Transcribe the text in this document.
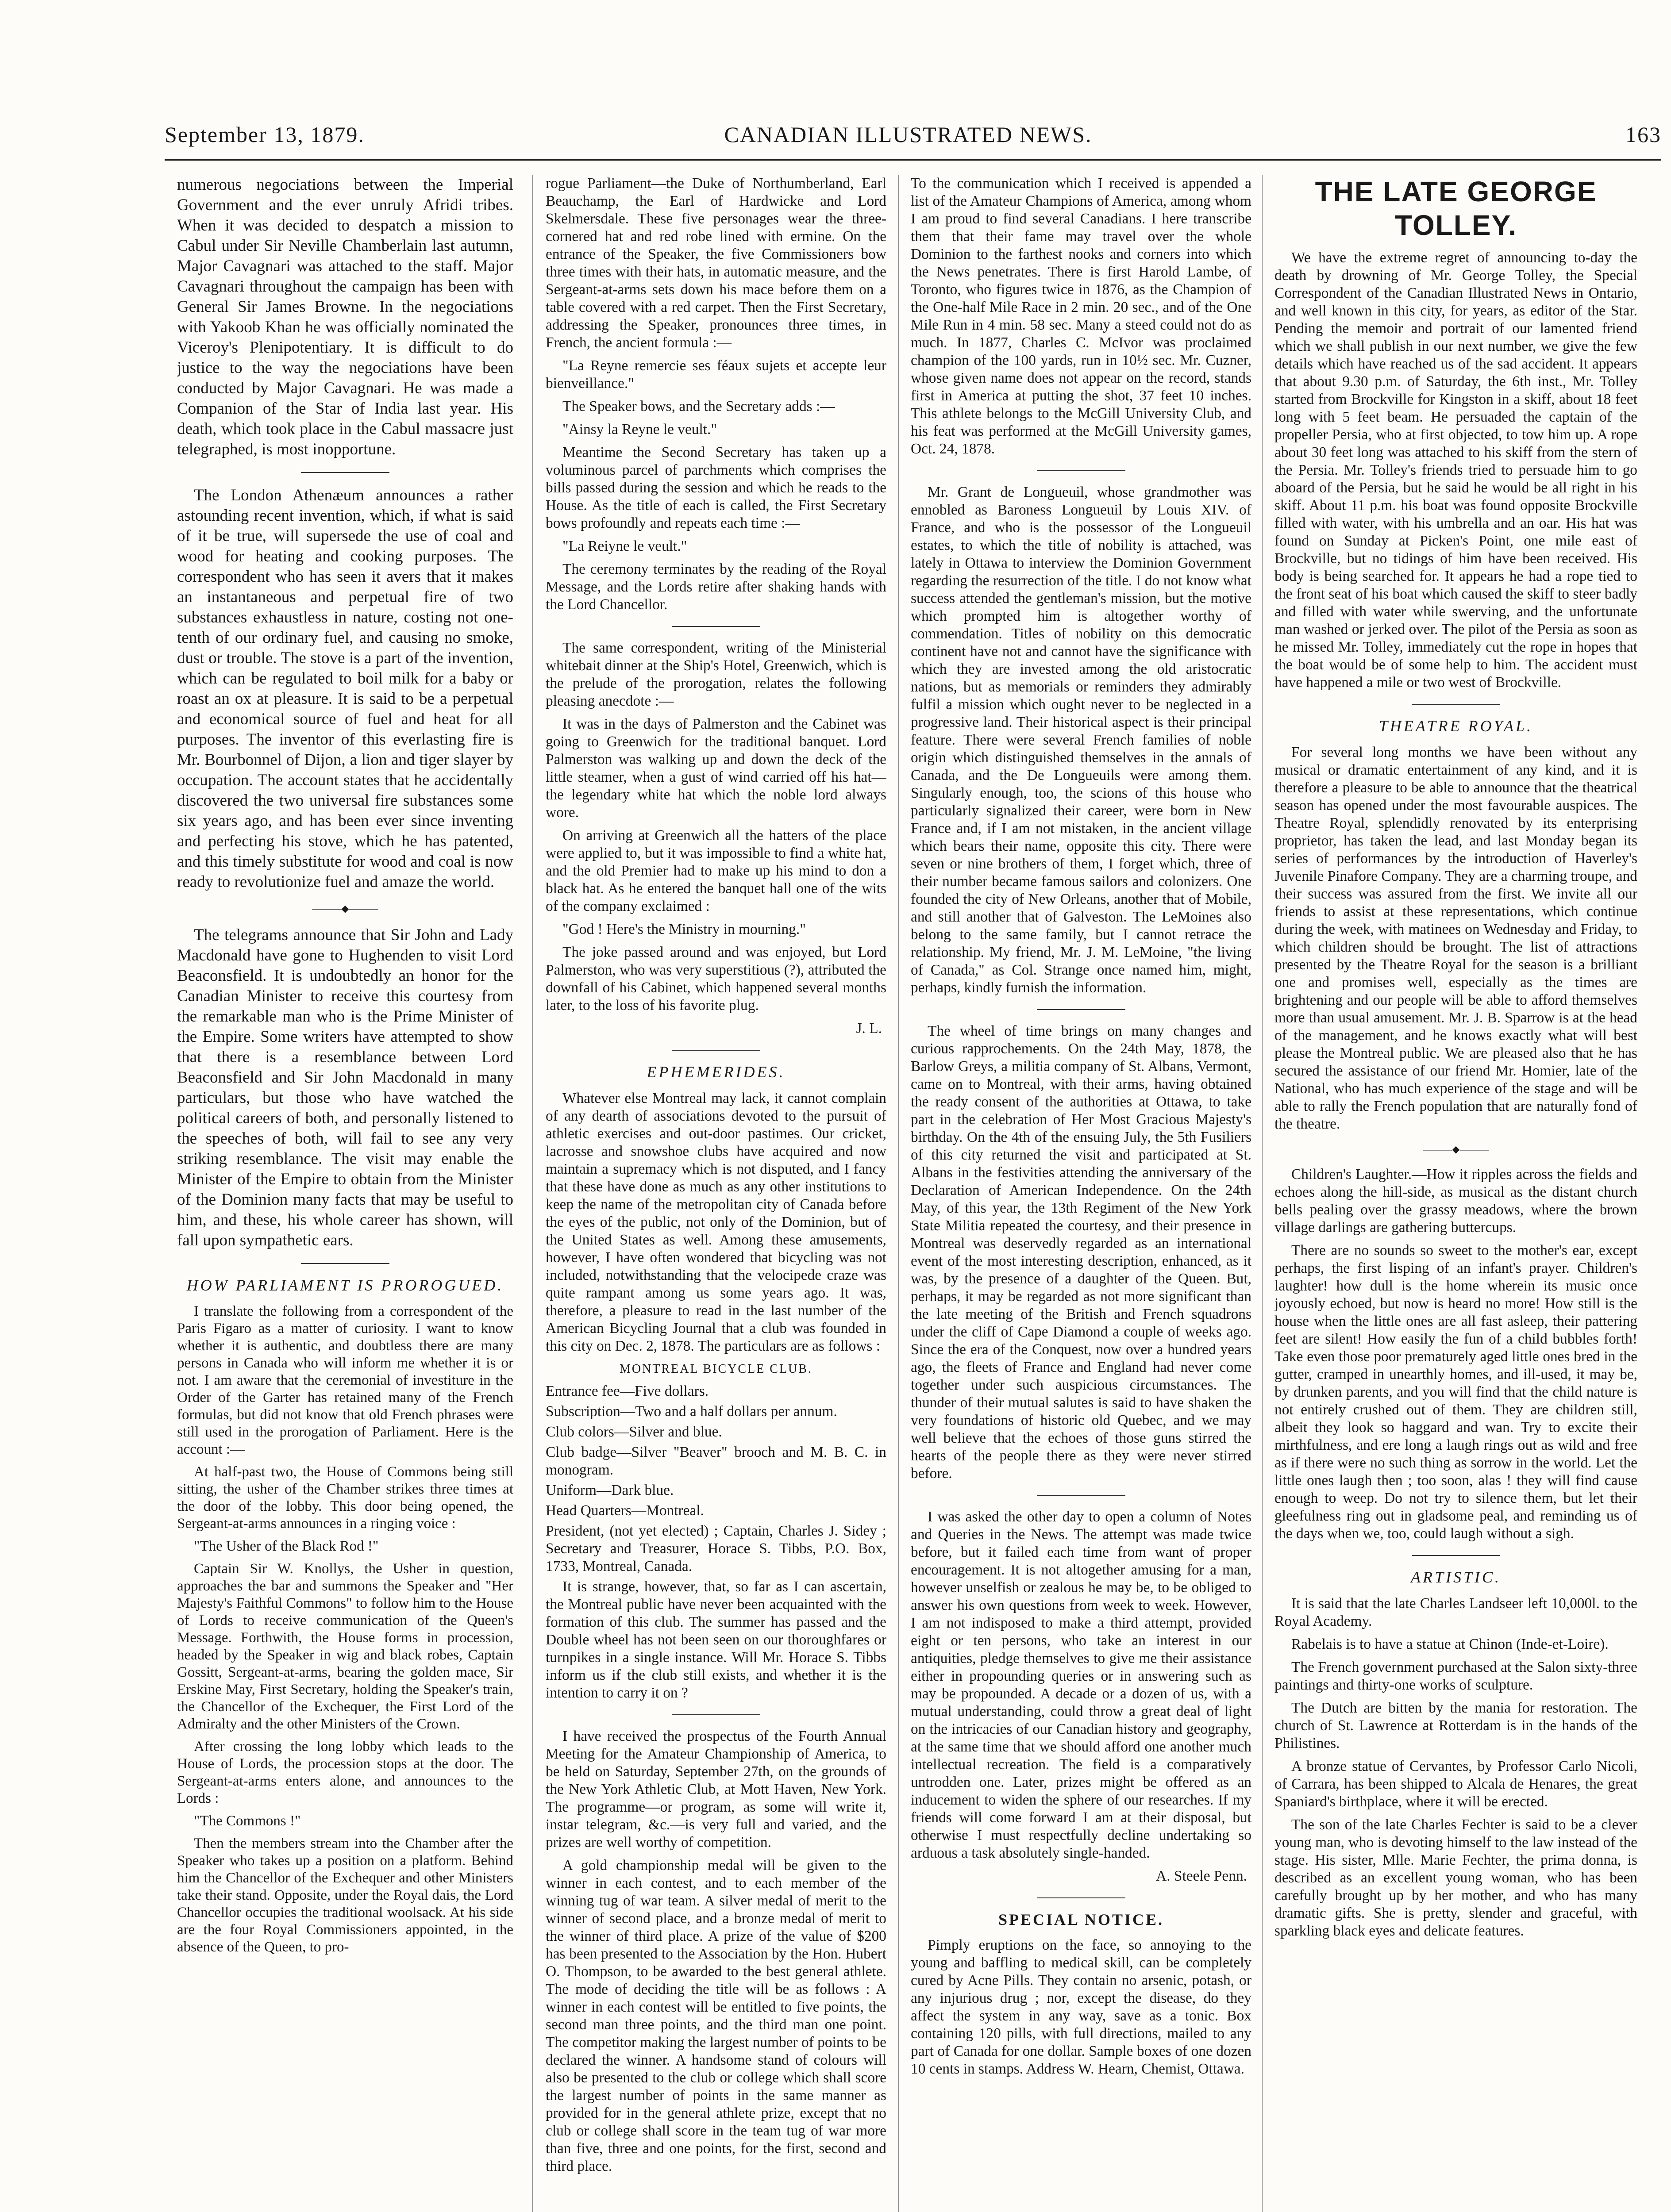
September 13, 1879.	CANADIAN ILLUSTRATED NEWS.	163

numerous negociations between the Imperial Government and the ever unruly Afridi tribes. When it was decided to despatch a mission to Cabul under Sir Neville Chamberlain last autumn, Major Cavagnari was attached to the staff. Major Cavagnari throughout the campaign has been with General Sir James Browne. In the negociations with Yakoob Khan he was officially nominated the Viceroy's Plenipotentiary. It is difficult to do justice to the way the negociations have been conducted by Major Cavagnari. He was made a Companion of the Star of India last year. His death, which took place in the Cabul massacre just telegraphed, is most inopportune.

The London Athenæum announces a rather astounding recent invention, which, if what is said of it be true, will supersede the use of coal and wood for heating and cooking purposes. The correspondent who has seen it avers that it makes an instantaneous and perpetual fire of two substances exhaustless in nature, costing not one-tenth of our ordinary fuel, and causing no smoke, dust or trouble. The stove is a part of the invention, which can be regulated to boil milk for a baby or roast an ox at pleasure. It is said to be a perpetual and economical source of fuel and heat for all purposes. The inventor of this everlasting fire is Mr. Bourbonnel of Dijon, a lion and tiger slayer by occupation. The account states that he accidentally discovered the two universal fire substances some six years ago, and has been ever since inventing and perfecting his stove, which he has patented, and this timely substitute for wood and coal is now ready to revolutionize fuel and amaze the world.

―――◆―――

The telegrams announce that Sir John and Lady Macdonald have gone to Hughenden to visit Lord Beaconsfield. It is undoubtedly an honor for the Canadian Minister to receive this courtesy from the remarkable man who is the Prime Minister of the Empire. Some writers have attempted to show that there is a resemblance between Lord Beaconsfield and Sir John Macdonald in many particulars, but those who have watched the political careers of both, and personally listened to the speeches of both, will fail to see any very striking resemblance. The visit may enable the Minister of the Empire to obtain from the Minister of the Dominion many facts that may be useful to him, and these, his whole career has shown, will fall upon sympathetic ears.

HOW PARLIAMENT IS PROROGUED.

I translate the following from a correspondent of the Paris Figaro as a matter of curiosity. I want to know whether it is authentic, and doubtless there are many persons in Canada who will inform me whether it is or not. I am aware that the ceremonial of investiture in the Order of the Garter has retained many of the French formulas, but did not know that old French phrases were still used in the prorogation of Parliament. Here is the account :—

At half-past two, the House of Commons being still sitting, the usher of the Chamber strikes three times at the door of the lobby. This door being opened, the Sergeant-at-arms announces in a ringing voice :

"The Usher of the Black Rod !"

Captain Sir W. Knollys, the Usher in question, approaches the bar and summons the Speaker and "Her Majesty's Faithful Commons" to follow him to the House of Lords to receive communication of the Queen's Message. Forthwith, the House forms in procession, headed by the Speaker in wig and black robes, Captain Gossitt, Sergeant-at-arms, bearing the golden mace, Sir Erskine May, First Secretary, holding the Speaker's train, the Chancellor of the Exchequer, the First Lord of the Admiralty and the other Ministers of the Crown.

After crossing the long lobby which leads to the House of Lords, the procession stops at the door. The Sergeant-at-arms enters alone, and announces to the Lords :

"The Commons !"

Then the members stream into the Chamber after the Speaker who takes up a position on a platform. Behind him the Chancellor of the Exchequer and other Ministers take their stand. Opposite, under the Royal dais, the Lord Chancellor occupies the traditional woolsack. At his side are the four Royal Commissioners appointed, in the absence of the Queen, to pro-

rogue Parliament—the Duke of Northumberland, Earl Beauchamp, the Earl of Hardwicke and Lord Skelmersdale. These five personages wear the three-cornered hat and red robe lined with ermine. On the entrance of the Speaker, the five Commissioners bow three times with their hats, in automatic measure, and the Sergeant-at-arms sets down his mace before them on a table covered with a red carpet. Then the First Secretary, addressing the Speaker, pronounces three times, in French, the ancient formula :—

"La Reyne remercie ses féaux sujets et accepte leur bienveillance."

The Speaker bows, and the Secretary adds :—

"Ainsy la Reyne le veult."

Meantime the Second Secretary has taken up a voluminous parcel of parchments which comprises the bills passed during the session and which he reads to the House. As the title of each is called, the First Secretary bows profoundly and repeats each time :—

"La Reiyne le veult."

The ceremony terminates by the reading of the Royal Message, and the Lords retire after shaking hands with the Lord Chancellor.

The same correspondent, writing of the Ministerial whitebait dinner at the Ship's Hotel, Greenwich, which is the prelude of the prorogation, relates the following pleasing anecdote :—

It was in the days of Palmerston and the Cabinet was going to Greenwich for the traditional banquet. Lord Palmerston was walking up and down the deck of the little steamer, when a gust of wind carried off his hat—the legendary white hat which the noble lord always wore.

On arriving at Greenwich all the hatters of the place were applied to, but it was impossible to find a white hat, and the old Premier had to make up his mind to don a black hat. As he entered the banquet hall one of the wits of the company exclaimed :

"God ! Here's the Ministry in mourning."

The joke passed around and was enjoyed, but Lord Palmerston, who was very superstitious (?), attributed the downfall of his Cabinet, which happened several months later, to the loss of his favorite plug.

J. L.
EPHEMERIDES.

Whatever else Montreal may lack, it cannot complain of any dearth of associations devoted to the pursuit of athletic exercises and out-door pastimes. Our cricket, lacrosse and snowshoe clubs have acquired and now maintain a supremacy which is not disputed, and I fancy that these have done as much as any other institutions to keep the name of the metropolitan city of Canada before the eyes of the public, not only of the Dominion, but of the United States as well. Among these amusements, however, I have often wondered that bicycling was not included, notwithstanding that the velocipede craze was quite rampant among us some years ago. It was, therefore, a pleasure to read in the last number of the American Bicycling Journal that a club was founded in this city on Dec. 2, 1878. The particulars are as follows :

MONTREAL BICYCLE CLUB.

Entrance fee—Five dollars.

Subscription—Two and a half dollars per annum.

Club colors—Silver and blue.

Club badge—Silver "Beaver" brooch and M. B. C. in monogram.

Uniform—Dark blue.

Head Quarters—Montreal.

President, (not yet elected) ; Captain, Charles J. Sidey ; Secretary and Treasurer, Horace S. Tibbs, P.O. Box, 1733, Montreal, Canada.

It is strange, however, that, so far as I can ascertain, the Montreal public have never been acquainted with the formation of this club. The summer has passed and the Double wheel has not been seen on our thoroughfares or turnpikes in a single instance. Will Mr. Horace S. Tibbs inform us if the club still exists, and whether it is the intention to carry it on ?

I have received the prospectus of the Fourth Annual Meeting for the Amateur Championship of America, to be held on Saturday, September 27th, on the grounds of the New York Athletic Club, at Mott Haven, New York. The programme—or program, as some will write it, instar telegram, &c.—is very full and varied, and the prizes are well worthy of competition.

A gold championship medal will be given to the winner in each contest, and to each member of the winning tug of war team. A silver medal of merit to the winner of second place, and a bronze medal of merit to the winner of third place. A prize of the value of $200 has been presented to the Association by the Hon. Hubert O. Thompson, to be awarded to the best general athlete. The mode of deciding the title will be as follows : A winner in each contest will be entitled to five points, the second man three points, and the third man one point. The competitor making the largest number of points to be declared the winner. A handsome stand of colours will also be presented to the club or college which shall score the largest number of points in the same manner as provided for in the general athlete prize, except that no club or college shall score in the team tug of war more than five, three and one points, for the first, second and third place.

To the communication which I received is appended a list of the Amateur Champions of America, among whom I am proud to find several Canadians. I here transcribe them that their fame may travel over the whole Dominion to the farthest nooks and corners into which the News penetrates. There is first Harold Lambe, of Toronto, who figures twice in 1876, as the Champion of the One-half Mile Race in 2 min. 20 sec., and of the One Mile Run in 4 min. 58 sec. Many a steed could not do as much. In 1877, Charles C. McIvor was proclaimed champion of the 100 yards, run in 10½ sec. Mr. Cuzner, whose given name does not appear on the record, stands first in America at putting the shot, 37 feet 10 inches. This athlete belongs to the McGill University Club, and his feat was performed at the McGill University games, Oct. 24, 1878.

Mr. Grant de Longueuil, whose grandmother was ennobled as Baroness Longueuil by Louis XIV. of France, and who is the possessor of the Longueuil estates, to which the title of nobility is attached, was lately in Ottawa to interview the Dominion Government regarding the resurrection of the title. I do not know what success attended the gentleman's mission, but the motive which prompted him is altogether worthy of commendation. Titles of nobility on this democratic continent have not and cannot have the significance with which they are invested among the old aristocratic nations, but as memorials or reminders they admirably fulfil a mission which ought never to be neglected in a progressive land. Their historical aspect is their principal feature. There were several French families of noble origin which distinguished themselves in the annals of Canada, and the De Longueuils were among them. Singularly enough, too, the scions of this house who particularly signalized their career, were born in New France and, if I am not mistaken, in the ancient village which bears their name, opposite this city. There were seven or nine brothers of them, I forget which, three of their number became famous sailors and colonizers. One founded the city of New Orleans, another that of Mobile, and still another that of Galveston. The LeMoines also belong to the same family, but I cannot retrace the relationship. My friend, Mr. J. M. LeMoine, "the living of Canada," as Col. Strange once named him, might, perhaps, kindly furnish the information.

The wheel of time brings on many changes and curious rapprochements. On the 24th May, 1878, the Barlow Greys, a militia company of St. Albans, Vermont, came on to Montreal, with their arms, having obtained the ready consent of the authorities at Ottawa, to take part in the celebration of Her Most Gracious Majesty's birthday. On the 4th of the ensuing July, the 5th Fusiliers of this city returned the visit and participated at St. Albans in the festivities attending the anniversary of the Declaration of American Independence. On the 24th May, of this year, the 13th Regiment of the New York State Militia repeated the courtesy, and their presence in Montreal was deservedly regarded as an international event of the most interesting description, enhanced, as it was, by the presence of a daughter of the Queen. But, perhaps, it may be regarded as not more significant than the late meeting of the British and French squadrons under the cliff of Cape Diamond a couple of weeks ago. Since the era of the Conquest, now over a hundred years ago, the fleets of France and England had never come together under such auspicious circumstances. The thunder of their mutual salutes is said to have shaken the very foundations of historic old Quebec, and we may well believe that the echoes of those guns stirred the hearts of the people there as they were never stirred before.

I was asked the other day to open a column of Notes and Queries in the News. The attempt was made twice before, but it failed each time from want of proper encouragement. It is not altogether amusing for a man, however unselfish or zealous he may be, to be obliged to answer his own questions from week to week. However, I am not indisposed to make a third attempt, provided eight or ten persons, who take an interest in our antiquities, pledge themselves to give me their assistance either in propounding queries or in answering such as may be propounded. A decade or a dozen of us, with a mutual understanding, could throw a great deal of light on the intricacies of our Canadian history and geography, at the same time that we should afford one another much intellectual recreation. The field is a comparatively untrodden one. Later, prizes might be offered as an inducement to widen the sphere of our researches. If my friends will come forward I am at their disposal, but otherwise I must respectfully decline undertaking so arduous a task absolutely single-handed.

A. Steele Penn.
SPECIAL NOTICE.

Pimply eruptions on the face, so annoying to the young and baffling to medical skill, can be completely cured by Acne Pills. They contain no arsenic, potash, or any injurious drug ; nor, except the disease, do they affect the system in any way, save as a tonic. Box containing 120 pills, with full directions, mailed to any part of Canada for one dollar. Sample boxes of one dozen 10 cents in stamps. Address W. Hearn, Chemist, Ottawa.

THE LATE GEORGE TOLLEY.

We have the extreme regret of announcing to-day the death by drowning of Mr. George Tolley, the Special Correspondent of the Canadian Illustrated News in Ontario, and well known in this city, for years, as editor of the Star. Pending the memoir and portrait of our lamented friend which we shall publish in our next number, we give the few details which have reached us of the sad accident. It appears that about 9.30 p.m. of Saturday, the 6th inst., Mr. Tolley started from Brockville for Kingston in a skiff, about 18 feet long with 5 feet beam. He persuaded the captain of the propeller Persia, who at first objected, to tow him up. A rope about 30 feet long was attached to his skiff from the stern of the Persia. Mr. Tolley's friends tried to persuade him to go aboard of the Persia, but he said he would be all right in his skiff. About 11 p.m. his boat was found opposite Brockville filled with water, with his umbrella and an oar. His hat was found on Sunday at Picken's Point, one mile east of Brockville, but no tidings of him have been received. His body is being searched for. It appears he had a rope tied to the front seat of his boat which caused the skiff to steer badly and filled with water while swerving, and the unfortunate man washed or jerked over. The pilot of the Persia as soon as he missed Mr. Tolley, immediately cut the rope in hopes that the boat would be of some help to him. The accident must have happened a mile or two west of Brockville.

THEATRE ROYAL.

For several long months we have been without any musical or dramatic entertainment of any kind, and it is therefore a pleasure to be able to announce that the theatrical season has opened under the most favourable auspices. The Theatre Royal, splendidly renovated by its enterprising proprietor, has taken the lead, and last Monday began its series of performances by the introduction of Haverley's Juvenile Pinafore Company. They are a charming troupe, and their success was assured from the first. We invite all our friends to assist at these representations, which continue during the week, with matinees on Wednesday and Friday, to which children should be brought. The list of attractions presented by the Theatre Royal for the season is a brilliant one and promises well, especially as the times are brightening and our people will be able to afford themselves more than usual amusement. Mr. J. B. Sparrow is at the head of the management, and he knows exactly what will best please the Montreal public. We are pleased also that he has secured the assistance of our friend Mr. Homier, late of the National, who has much experience of the stage and will be able to rally the French population that are naturally fond of the theatre.

―――◆―――

Children's Laughter.—How it ripples across the fields and echoes along the hill-side, as musical as the distant church bells pealing over the grassy meadows, where the brown village darlings are gathering buttercups.

There are no sounds so sweet to the mother's ear, except perhaps, the first lisping of an infant's prayer. Children's laughter! how dull is the home wherein its music once joyously echoed, but now is heard no more! How still is the house when the little ones are all fast asleep, their pattering feet are silent! How easily the fun of a child bubbles forth! Take even those poor prematurely aged little ones bred in the gutter, cramped in unearthly homes, and ill-used, it may be, by drunken parents, and you will find that the child nature is not entirely crushed out of them. They are children still, albeit they look so haggard and wan. Try to excite their mirthfulness, and ere long a laugh rings out as wild and free as if there were no such thing as sorrow in the world. Let the little ones laugh then ; too soon, alas ! they will find cause enough to weep. Do not try to silence them, but let their gleefulness ring out in gladsome peal, and reminding us of the days when we, too, could laugh without a sigh.

ARTISTIC.

It is said that the late Charles Landseer left 10,000l. to the Royal Academy.

Rabelais is to have a statue at Chinon (Inde-et-Loire).

The French government purchased at the Salon sixty-three paintings and thirty-one works of sculpture.

The Dutch are bitten by the mania for restoration. The church of St. Lawrence at Rotterdam is in the hands of the Philistines.

A bronze statue of Cervantes, by Professor Carlo Nicoli, of Carrara, has been shipped to Alcala de Henares, the great Spaniard's birthplace, where it will be erected.

The son of the late Charles Fechter is said to be a clever young man, who is devoting himself to the law instead of the stage. His sister, Mlle. Marie Fechter, the prima donna, is described as an excellent young woman, who has been carefully brought up by her mother, and who has many dramatic gifts. She is pretty, slender and graceful, with sparkling black eyes and delicate features.
